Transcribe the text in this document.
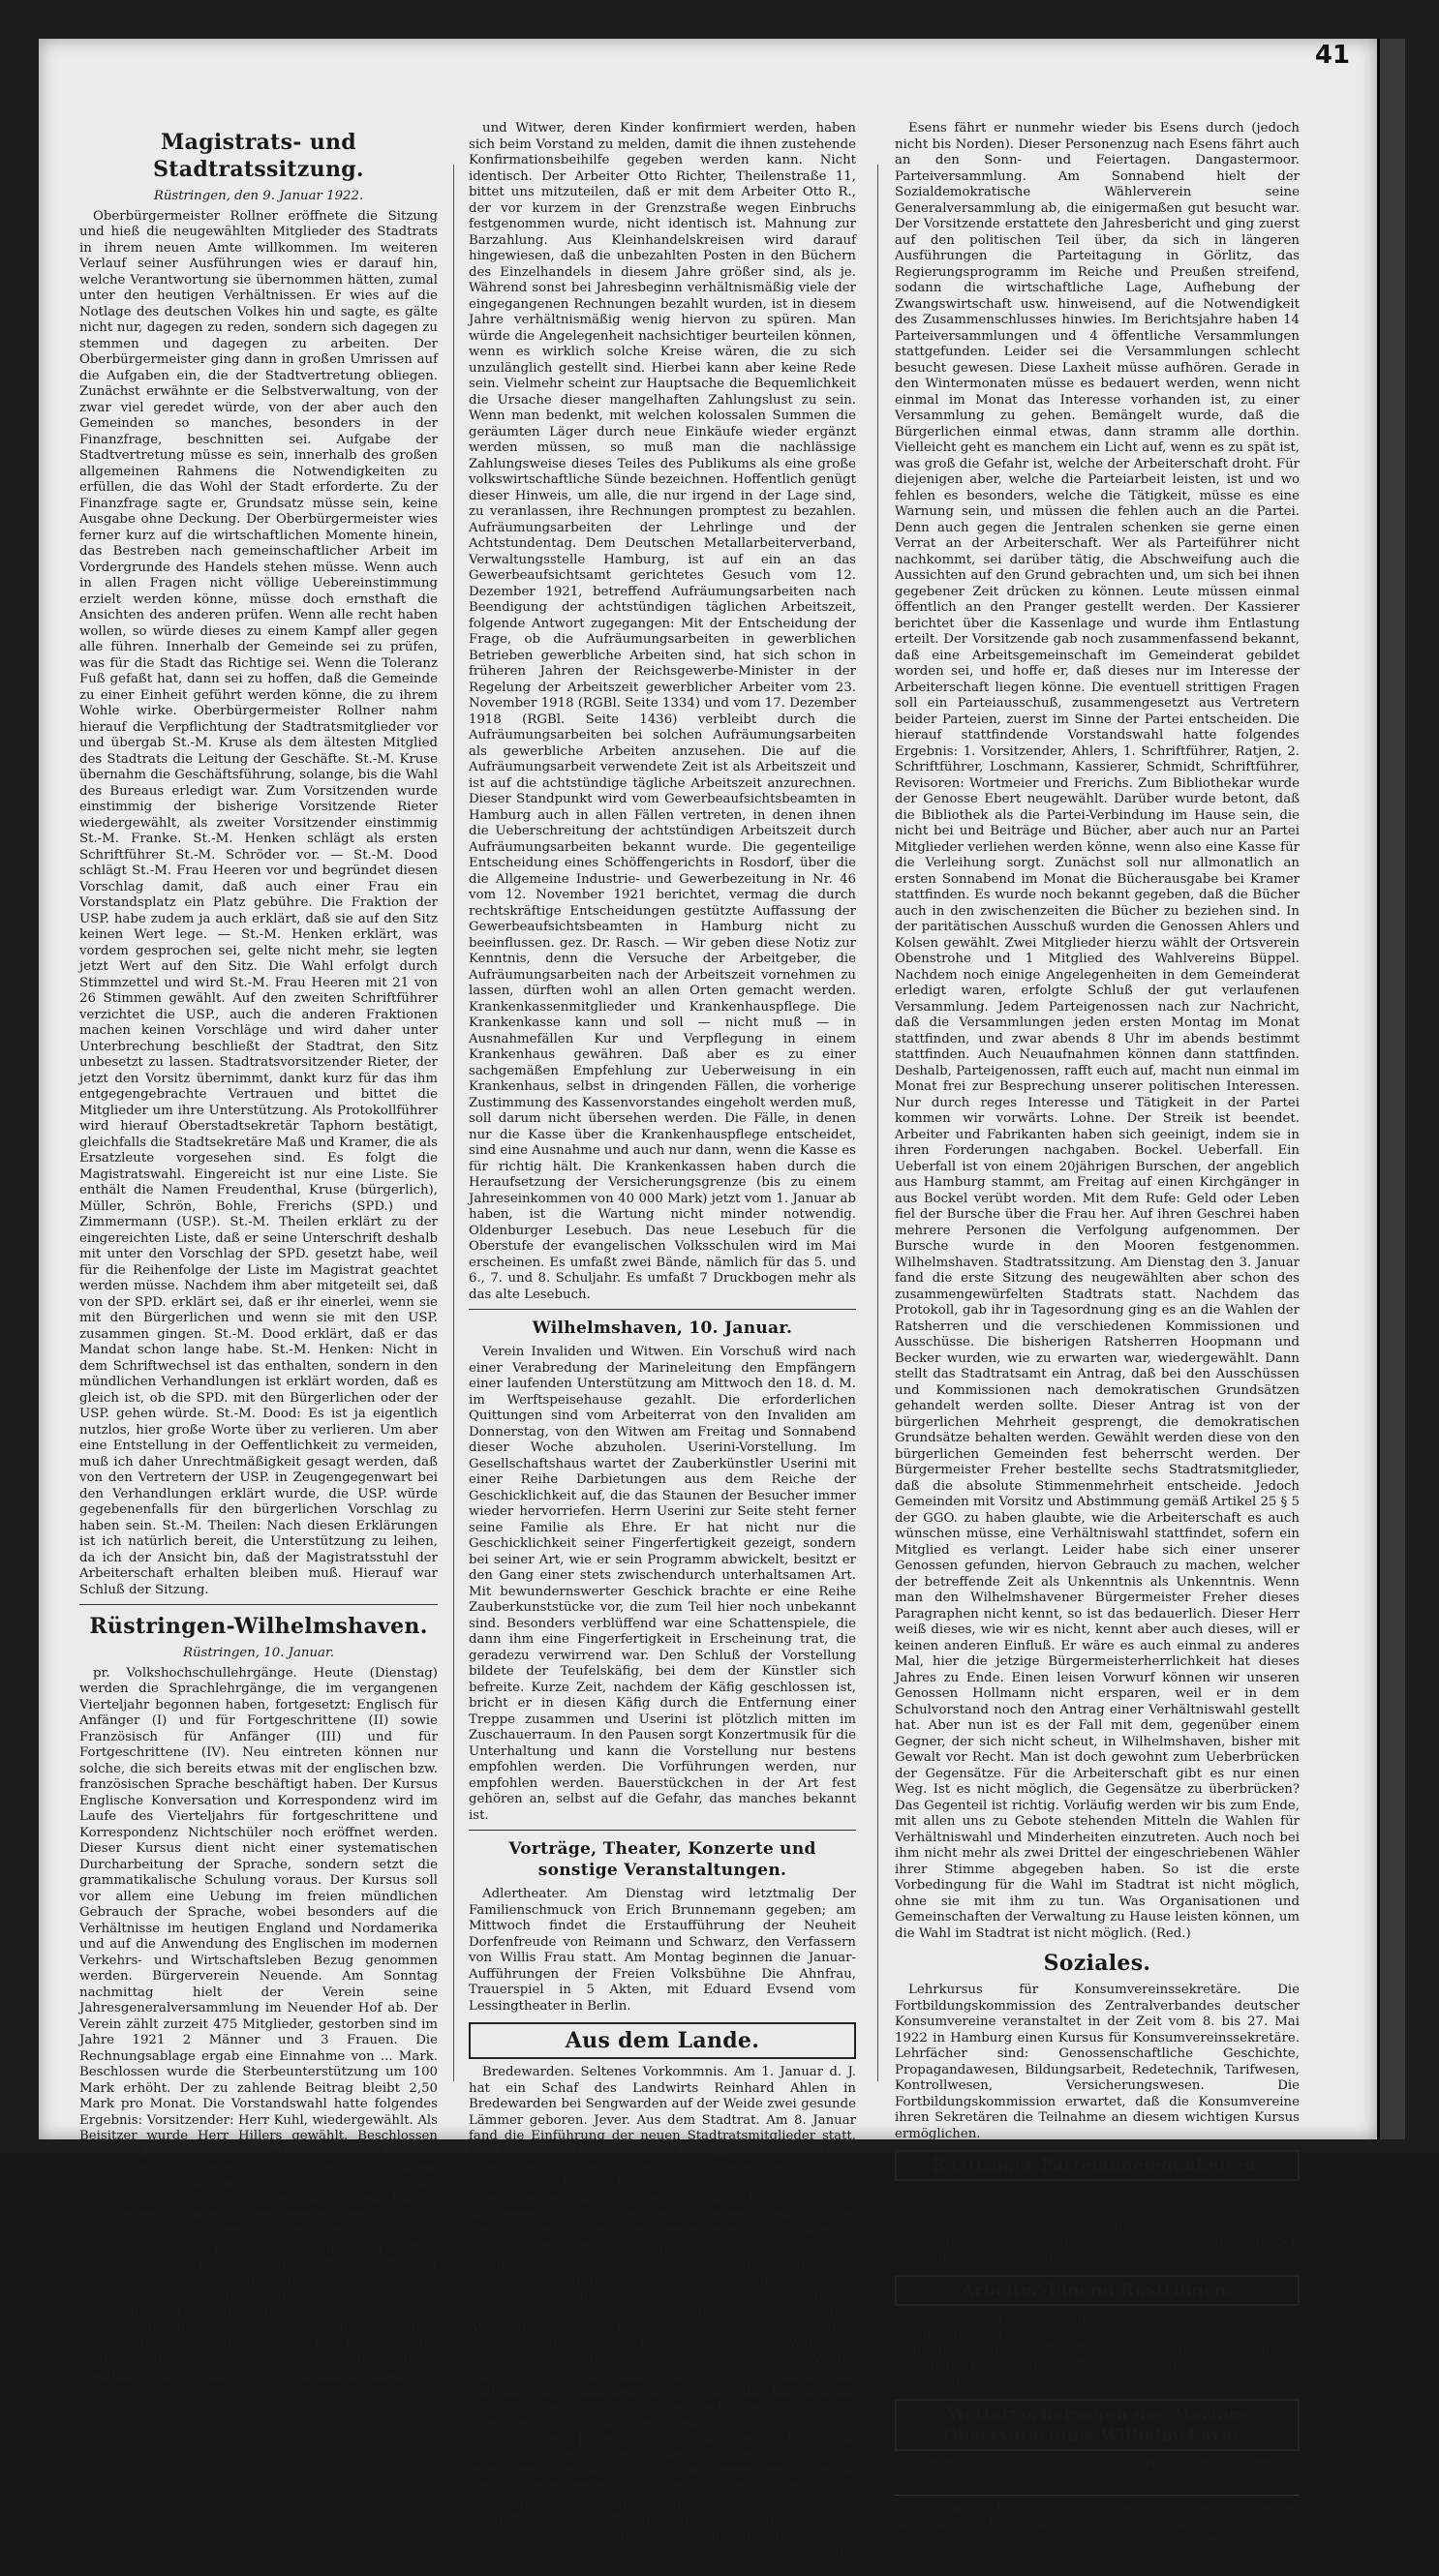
41
Magistrats- und Stadtratssitzung.
Rüstringen, den 9. Januar 1922.
Oberbürgermeister Rollner eröffnete die Sitzung und hieß die neugewählten Mitglieder des Stadtrats in ihrem neuen Amte willkommen. Im weiteren Verlauf seiner Ausführungen wies er darauf hin, welche Verantwortung sie übernommen hätten, zumal unter den heutigen Verhältnissen. Er wies auf die Notlage des deutschen Volkes hin und sagte, es gälte nicht nur, dagegen zu reden, sondern sich dagegen zu stemmen und dagegen zu arbeiten. Der Oberbürgermeister ging dann in großen Umrissen auf die Aufgaben ein, die der Stadtvertretung obliegen. Zunächst erwähnte er die Selbstverwaltung, von der zwar viel geredet würde, von der aber auch den Gemeinden so manches, besonders in der Finanzfrage, beschnitten sei. Aufgabe der Stadtvertretung müsse es sein, innerhalb des großen allgemeinen Rahmens die Notwendigkeiten zu erfüllen, die das Wohl der Stadt erforderte. Zu der Finanzfrage sagte er, Grundsatz müsse sein, keine Ausgabe ohne Deckung. Der Oberbürgermeister wies ferner kurz auf die wirtschaftlichen Momente hinein, das Bestreben nach gemeinschaftlicher Arbeit im Vordergrunde des Handels stehen müsse. Wenn auch in allen Fragen nicht völlige Uebereinstimmung erzielt werden könne, müsse doch ernsthaft die Ansichten des anderen prüfen. Wenn alle recht haben wollen, so würde dieses zu einem Kampf aller gegen alle führen. Innerhalb der Gemeinde sei zu prüfen, was für die Stadt das Richtige sei. Wenn die Toleranz Fuß gefaßt hat, dann sei zu hoffen, daß die Gemeinde zu einer Einheit geführt werden könne, die zu ihrem Wohle wirke. Oberbürgermeister Rollner nahm hierauf die Verpflichtung der Stadtratsmitglieder vor und übergab St.-M. Kruse als dem ältesten Mitglied des Stadtrats die Leitung der Geschäfte. St.-M. Kruse übernahm die Geschäftsführung, solange, bis die Wahl des Bureaus erledigt war. Zum Vorsitzenden wurde einstimmig der bisherige Vorsitzende Rieter wiedergewählt, als zweiter Vorsitzender einstimmig St.-M. Franke. St.-M. Henken schlägt als ersten Schriftführer St.-M. Schröder vor. — St.-M. Dood schlägt St.-M. Frau Heeren vor und begründet diesen Vorschlag damit, daß auch einer Frau ein Vorstandsplatz ein Platz gebühre. Die Fraktion der USP. habe zudem ja auch erklärt, daß sie auf den Sitz keinen Wert lege. — St.-M. Henken erklärt, was vordem gesprochen sei, gelte nicht mehr, sie legten jetzt Wert auf den Sitz. Die Wahl erfolgt durch Stimmzettel und wird St.-M. Frau Heeren mit 21 von 26 Stimmen gewählt. Auf den zweiten Schriftführer verzichtet die USP., auch die anderen Fraktionen machen keinen Vorschläge und wird daher unter Unterbrechung beschließt der Stadtrat, den Sitz unbesetzt zu lassen. Stadtratsvorsitzender Rieter, der jetzt den Vorsitz übernimmt, dankt kurz für das ihm entgegengebrachte Vertrauen und bittet die Mitglieder um ihre Unterstützung. Als Protokollführer wird hierauf Oberstadtsekretär Taphorn bestätigt, gleichfalls die Stadtsekretäre Maß und Kramer, die als Ersatzleute vorgesehen sind. Es folgt die Magistratswahl. Eingereicht ist nur eine Liste. Sie enthält die Namen Freudenthal, Kruse (bürgerlich), Müller, Schrön, Bohle, Frerichs (SPD.) und Zimmermann (USP.). St.-M. Theilen erklärt zu der eingereichten Liste, daß er seine Unterschrift deshalb mit unter den Vorschlag der SPD. gesetzt habe, weil für die Reihenfolge der Liste im Magistrat geachtet werden müsse. Nachdem ihm aber mitgeteilt sei, daß von der SPD. erklärt sei, daß er ihr einerlei, wenn sie mit den Bürgerlichen und wenn sie mit den USP. zusammen gingen. St.-M. Dood erklärt, daß er das Mandat schon lange habe. St.-M. Henken: Nicht in dem Schriftwechsel ist das enthalten, sondern in den mündlichen Verhandlungen ist erklärt worden, daß es gleich ist, ob die SPD. mit den Bürgerlichen oder der USP. gehen würde. St.-M. Dood: Es ist ja eigentlich nutzlos, hier große Worte über zu verlieren. Um aber eine Entstellung in der Oeffentlichkeit zu vermeiden, muß ich daher Unrechtmäßigkeit gesagt werden, daß von den Vertretern der USP. in Zeugengegenwart bei den Verhandlungen erklärt wurde, die USP. würde gegebenenfalls für den bürgerlichen Vorschlag zu haben sein. St.-M. Theilen: Nach diesen Erklärungen ist ich natürlich bereit, die Unterstützung zu leihen, da ich der Ansicht bin, daß der Magistratsstuhl der Arbeiterschaft erhalten bleiben muß. Hierauf war Schluß der Sitzung.
Rüstringen-Wilhelmshaven.
Rüstringen, 10. Januar.
pr. Volkshochschullehrgänge. Heute (Dienstag) werden die Sprachlehrgänge, die im vergangenen Vierteljahr begonnen haben, fortgesetzt: Englisch für Anfänger (I) und für Fortgeschrittene (II) sowie Französisch für Anfänger (III) und für Fortgeschrittene (IV). Neu eintreten können nur solche, die sich bereits etwas mit der englischen bzw. französischen Sprache beschäftigt haben. Der Kursus Englische Konversation und Korrespondenz wird im Laufe des Vierteljahrs für fortgeschrittene und Korrespondenz Nichtschüler noch eröffnet werden. Dieser Kursus dient nicht einer systematischen Durcharbeitung der Sprache, sondern setzt die grammatikalische Schulung voraus. Der Kursus soll vor allem eine Uebung im freien mündlichen Gebrauch der Sprache, wobei besonders auf die Verhältnisse im heutigen England und Nordamerika und auf die Anwendung des Englischen im modernen Verkehrs- und Wirtschaftsleben Bezug genommen werden. Bürgerverein Neuende. Am Sonntag nachmittag hielt der Verein seine Jahresgeneralversammlung im Neuender Hof ab. Der Verein zählt zurzeit 475 Mitglieder, gestorben sind im Jahre 1921 2 Männer und 3 Frauen. Die Rechnungsablage ergab eine Einnahme von ... Mark. Beschlossen wurde die Sterbeunterstützung um 100 Mark erhöht. Der zu zahlende Beitrag bleibt 2,50 Mark pro Monat. Die Vorstandswahl hatte folgendes Ergebnis: Vorsitzender: Herr Kuhl, wiedergewählt. Als Beisitzer wurde Herr Hillers gewählt. Beschlossen wurde: Kinder der Mitglieder gehören bis zum vollendeten 18. Lebensjahre der Unterstützungskasse an. Mitglieder, die über 70 Jahre alt sind, brauchen keinen Beitrag zu zahlen. Ferner wurde beschlossen, zum Tragen bei Beerdigungen werden bezahlt. Zu den Weihnachtsfeiern sollen aus der Kasse 5 Mark für jedes teilnehmende Kind gezahlt werden. Der Beitrag ist zu bezahlen in den Monaten zu entrichten. Wer mit dem Beitrag im Rückstande bleibt, wird den ... Wegen der Weihnachtsfeier im Schulbezirk Neuende soll in einer späteren Versammlung beraten werden. Die Versammlungen finden in den Monaten von Oktober bis März um 8 Uhr und im Oktober bis März um 7 Uhr beginnen. Bekannt gemacht wird, daß die Beiträge ebenfalls an den Kassierer sofort zu zahlen haben.
und Witwer, deren Kinder konfirmiert werden, haben sich beim Vorstand zu melden, damit die ihnen zustehende Konfirmationsbeihilfe gegeben werden kann. Nicht identisch. Der Arbeiter Otto Richter, Theilenstraße 11, bittet uns mitzuteilen, daß er mit dem Arbeiter Otto R., der vor kurzem in der Grenzstraße wegen Einbruchs festgenommen wurde, nicht identisch ist. Mahnung zur Barzahlung. Aus Kleinhandelskreisen wird darauf hingewiesen, daß die unbezahlten Posten in den Büchern des Einzelhandels in diesem Jahre größer sind, als je. Während sonst bei Jahresbeginn verhältnismäßig viele der eingegangenen Rechnungen bezahlt wurden, ist in diesem Jahre verhältnismäßig wenig hiervon zu spüren. Man würde die Angelegenheit nachsichtiger beurteilen können, wenn es wirklich solche Kreise wären, die zu sich unzulänglich gestellt sind. Hierbei kann aber keine Rede sein. Vielmehr scheint zur Hauptsache die Bequemlichkeit die Ursache dieser mangelhaften Zahlungslust zu sein. Wenn man bedenkt, mit welchen kolossalen Summen die geräumten Läger durch neue Einkäufe wieder ergänzt werden müssen, so muß man die nachlässige Zahlungsweise dieses Teiles des Publikums als eine große volkswirtschaftliche Sünde bezeichnen. Hoffentlich genügt dieser Hinweis, um alle, die nur irgend in der Lage sind, zu veranlassen, ihre Rechnungen promptest zu bezahlen. Aufräumungsarbeiten der Lehrlinge und der Achtstundentag. Dem Deutschen Metallarbeiterverband, Verwaltungsstelle Hamburg, ist auf ein an das Gewerbeaufsichtsamt gerichtetes Gesuch vom 12. Dezember 1921, betreffend Aufräumungsarbeiten nach Beendigung der achtstündigen täglichen Arbeitszeit, folgende Antwort zugegangen: Mit der Entscheidung der Frage, ob die Aufräumungsarbeiten in gewerblichen Betrieben gewerbliche Arbeiten sind, hat sich schon in früheren Jahren der Reichsgewerbe-Minister in der Regelung der Arbeitszeit gewerblicher Arbeiter vom 23. November 1918 (RGBl. Seite 1334) und vom 17. Dezember 1918 (RGBl. Seite 1436) verbleibt durch die Aufräumungsarbeiten bei solchen Aufräumungsarbeiten als gewerbliche Arbeiten anzusehen. Die auf die Aufräumungsarbeit verwendete Zeit ist als Arbeitszeit und ist auf die achtstündige tägliche Arbeitszeit anzurechnen. Dieser Standpunkt wird vom Gewerbeaufsichtsbeamten in Hamburg auch in allen Fällen vertreten, in denen ihnen die Ueberschreitung der achtstündigen Arbeitszeit durch Aufräumungsarbeiten bekannt wurde. Die gegenteilige Entscheidung eines Schöffengerichts in Rosdorf, über die die Allgemeine Industrie- und Gewerbezeitung in Nr. 46 vom 12. November 1921 berichtet, vermag die durch rechtskräftige Entscheidungen gestützte Auffassung der Gewerbeaufsichtsbeamten in Hamburg nicht zu beeinflussen. gez. Dr. Rasch. — Wir geben diese Notiz zur Kenntnis, denn die Versuche der Arbeitgeber, die Aufräumungsarbeiten nach der Arbeitszeit vornehmen zu lassen, dürften wohl an allen Orten gemacht werden. Krankenkassenmitglieder und Krankenhauspflege. Die Krankenkasse kann und soll — nicht muß — in Ausnahmefällen Kur und Verpflegung in einem Krankenhaus gewähren. Daß aber es zu einer sachgemäßen Empfehlung zur Ueberweisung in ein Krankenhaus, selbst in dringenden Fällen, die vorherige Zustimmung des Kassenvorstandes eingeholt werden muß, soll darum nicht übersehen werden. Die Fälle, in denen nur die Kasse über die Krankenhauspflege entscheidet, sind eine Ausnahme und auch nur dann, wenn die Kasse es für richtig hält. Die Krankenkassen haben durch die Heraufsetzung der Versicherungsgrenze (bis zu einem Jahreseinkommen von 40 000 Mark) jetzt vom 1. Januar ab haben, ist die Wartung nicht minder notwendig. Oldenburger Lesebuch. Das neue Lesebuch für die Oberstufe der evangelischen Volksschulen wird im Mai erscheinen. Es umfaßt zwei Bände, nämlich für das 5. und 6., 7. und 8. Schuljahr. Es umfaßt 7 Druckbogen mehr als das alte Lesebuch.
Wilhelmshaven, 10. Januar.
Verein Invaliden und Witwen. Ein Vorschuß wird nach einer Verabredung der Marineleitung den Empfängern einer laufenden Unterstützung am Mittwoch den 18. d. M. im Werftspeisehause gezahlt. Die erforderlichen Quittungen sind vom Arbeiterrat von den Invaliden am Donnerstag, von den Witwen am Freitag und Sonnabend dieser Woche abzuholen. Userini-Vorstellung. Im Gesellschaftshaus wartet der Zauberkünstler Userini mit einer Reihe Darbietungen aus dem Reiche der Geschicklichkeit auf, die das Staunen der Besucher immer wieder hervorriefen. Herrn Userini zur Seite steht ferner seine Familie als Ehre. Er hat nicht nur die Geschicklichkeit seiner Fingerfertigkeit gezeigt, sondern bei seiner Art, wie er sein Programm abwickelt, besitzt er den Gang einer stets zwischendurch unterhaltsamen Art. Mit bewundernswerter Geschick brachte er eine Reihe Zauberkunststücke vor, die zum Teil hier noch unbekannt sind. Besonders verblüffend war eine Schattenspiele, die dann ihm eine Fingerfertigkeit in Erscheinung trat, die geradezu verwirrend war. Den Schluß der Vorstellung bildete der Teufelskäfig, bei dem der Künstler sich befreite. Kurze Zeit, nachdem der Käfig geschlossen ist, bricht er in diesen Käfig durch die Entfernung einer Treppe zusammen und Userini ist plötzlich mitten im Zuschauerraum. In den Pausen sorgt Konzertmusik für die Unterhaltung und kann die Vorstellung nur bestens empfohlen werden. Die Vorführungen werden, nur empfohlen werden. Bauerstückchen in der Art fest gehören an, selbst auf die Gefahr, das manches bekannt ist.
Vorträge, Theater, Konzerte und sonstige Veranstaltungen.
Adlertheater. Am Dienstag wird letztmalig Der Familienschmuck von Erich Brunnemann gegeben; am Mittwoch findet die Erstaufführung der Neuheit Dorfenfreude von Reimann und Schwarz, den Verfassern von Willis Frau statt. Am Montag beginnen die Januar-Aufführungen der Freien Volksbühne Die Ahnfrau, Trauerspiel in 5 Akten, mit Eduard Evsend vom Lessingtheater in Berlin.
Aus dem Lande.
Bredewarden. Seltenes Vorkommnis. Am 1. Januar d. J. hat ein Schaf des Landwirts Reinhard Ahlen in Bredewarden bei Sengwarden auf der Weide zwei gesunde Lämmer geboren. Jever. Aus dem Stadtrat. Am 8. Januar fand die Einführung der neuen Stadtratsmitglieder statt. Der Bürgermeister berichtete kurz über die Tätigkeit des alten Stadtrats, worauf es zu den Neuwahlen kam. Es wurden als Beigeordnete gewählt: Stellvertreter des Bürgermeisters wurde Herr Kaufmann Brader und als Stellvertreter Bauunternehmer Carstens gewählt, das Protokoll ist Schiels einstimmig gewählt. Ueberwahl. Diese Stadtratssitzung kennzeichnete sich durch eine phlegmatische Verbindung einzelner Magistratsmitglieder mit anderen Mitgliedern, die keine Auskunft über die Tätigkeit erteilten, zuzuhalten hatten ... Bürgermeister als Vorsitzender des Rates darauf hinweisen, wenn weitere Auskunft zur Sache gefordert werden sollte, daß begonnen werden wolle, in der Einladung von der Wahl des Bürgermeisters ein Einspruch erhoben werde. Weiter wurde eine große Anzahl von Anträgen gestellt, die Auflösung des Rathauses zu erweitern, das Gas und die Beleuchtungen der Stadt sollen nach ihrer Einrichtung, soweit er ihre Ratskollegen zustimmten und es ist die Folge in den Jahren gebracht werden. Ueber diese Einrichtung der weiteren Abstimmungen wurde nach weitschweifigen Debatten die Abstimmung resultatlos. — Der Nachmittagszug nach Esens. Von der Nordenbahn ist, zu, wenn ein Zug 5 Uhr 45 Min. ab Esens sowie der nach Abfahrt des zum Wittmund fahrenden Zuges vom 29. Dezember ab Nordbahnhof zu fahren. Auf Antrag bei der Handelskammer haben sich deswegen Handels- und Gewerbekreise.
Esens fährt er nunmehr wieder bis Esens durch (jedoch nicht bis Norden). Dieser Personenzug nach Esens fährt auch an den Sonn- und Feiertagen. Dangastermoor. Parteiversammlung. Am Sonnabend hielt der Sozialdemokratische Wählerverein seine Generalversammlung ab, die einigermaßen gut besucht war. Der Vorsitzende erstattete den Jahresbericht und ging zuerst auf den politischen Teil über, da sich in längeren Ausführungen die Parteitagung in Görlitz, das Regierungsprogramm im Reiche und Preußen streifend, sodann die wirtschaftliche Lage, Aufhebung der Zwangswirtschaft usw. hinweisend, auf die Notwendigkeit des Zusammenschlusses hinwies. Im Berichtsjahre haben 14 Parteiversammlungen und 4 öffentliche Versammlungen stattgefunden. Leider sei die Versammlungen schlecht besucht gewesen. Diese Laxheit müsse aufhören. Gerade in den Wintermonaten müsse es bedauert werden, wenn nicht einmal im Monat das Interesse vorhanden ist, zu einer Versammlung zu gehen. Bemängelt wurde, daß die Bürgerlichen einmal etwas, dann stramm alle dorthin. Vielleicht geht es manchem ein Licht auf, wenn es zu spät ist, was groß die Gefahr ist, welche der Arbeiterschaft droht. Für diejenigen aber, welche die Parteiarbeit leisten, ist und wo fehlen es besonders, welche die Tätigkeit, müsse es eine Warnung sein, und müssen die fehlen auch an die Partei. Denn auch gegen die Jentralen schenken sie gerne einen Verrat an der Arbeiterschaft. Wer als Parteiführer nicht nachkommt, sei darüber tätig, die Abschweifung auch die Aussichten auf den Grund gebrachten und, um sich bei ihnen gegebener Zeit drücken zu können. Leute müssen einmal öffentlich an den Pranger gestellt werden. Der Kassierer berichtet über die Kassenlage und wurde ihm Entlastung erteilt. Der Vorsitzende gab noch zusammenfassend bekannt, daß eine Arbeitsgemeinschaft im Gemeinderat gebildet worden sei, und hoffe er, daß dieses nur im Interesse der Arbeiterschaft liegen könne. Die eventuell strittigen Fragen soll ein Parteiausschuß, zusammengesetzt aus Vertretern beider Parteien, zuerst im Sinne der Partei entscheiden. Die hierauf stattfindende Vorstandswahl hatte folgendes Ergebnis: 1. Vorsitzender, Ahlers, 1. Schriftführer, Ratjen, 2. Schriftführer, Loschmann, Kassierer, Schmidt, Schriftführer, Revisoren: Wortmeier und Frerichs. Zum Bibliothekar wurde der Genosse Ebert neugewählt. Darüber wurde betont, daß die Bibliothek als die Partei-Verbindung im Hause sein, die nicht bei und Beiträge und Bücher, aber auch nur an Partei Mitglieder verliehen werden könne, wenn also eine Kasse für die Verleihung sorgt. Zunächst soll nur allmonatlich an ersten Sonnabend im Monat die Bücherausgabe bei Kramer stattfinden. Es wurde noch bekannt gegeben, daß die Bücher auch in den zwischenzeiten die Bücher zu beziehen sind. In der paritätischen Ausschuß wurden die Genossen Ahlers und Kolsen gewählt. Zwei Mitglieder hierzu wählt der Ortsverein Obenstrohe und 1 Mitglied des Wahlvereins Büppel. Nachdem noch einige Angelegenheiten in dem Gemeinderat erledigt waren, erfolgte Schluß der gut verlaufenen Versammlung. Jedem Parteigenossen nach zur Nachricht, daß die Versammlungen jeden ersten Montag im Monat stattfinden, und zwar abends 8 Uhr im abends bestimmt stattfinden. Auch Neuaufnahmen können dann stattfinden. Deshalb, Parteigenossen, rafft euch auf, macht nun einmal im Monat frei zur Besprechung unserer politischen Interessen. Nur durch reges Interesse und Tätigkeit in der Partei kommen wir vorwärts. Lohne. Der Streik ist beendet. Arbeiter und Fabrikanten haben sich geeinigt, indem sie in ihren Forderungen nachgaben. Bockel. Ueberfall. Ein Ueberfall ist von einem 20jährigen Burschen, der angeblich aus Hamburg stammt, am Freitag auf einen Kirchgänger in aus Bockel verübt worden. Mit dem Rufe: Geld oder Leben fiel der Bursche über die Frau her. Auf ihren Geschrei haben mehrere Personen die Verfolgung aufgenommen. Der Bursche wurde in den Mooren festgenommen. Wilhelmshaven. Stadtratssitzung. Am Dienstag den 3. Januar fand die erste Sitzung des neugewählten aber schon des zusammengewürfelten Stadtrats statt. Nachdem das Protokoll, gab ihr in Tagesordnung ging es an die Wahlen der Ratsherren und die verschiedenen Kommissionen und Ausschüsse. Die bisherigen Ratsherren Hoopmann und Becker wurden, wie zu erwarten war, wiedergewählt. Dann stellt das Stadtratsamt ein Antrag, daß bei den Ausschüssen und Kommissionen nach demokratischen Grundsätzen gehandelt werden sollte. Dieser Antrag ist von der bürgerlichen Mehrheit gesprengt, die demokratischen Grundsätze behalten werden. Gewählt werden diese von den bürgerlichen Gemeinden fest beherrscht werden. Der Bürgermeister Freher bestellte sechs Stadtratsmitglieder, daß die absolute Stimmenmehrheit entscheide. Jedoch Gemeinden mit Vorsitz und Abstimmung gemäß Artikel 25 § 5 der GGO. zu haben glaubte, wie die Arbeiterschaft es auch wünschen müsse, eine Verhältniswahl stattfindet, sofern ein Mitglied es verlangt. Leider habe sich einer unserer Genossen gefunden, hiervon Gebrauch zu machen, welcher der betreffende Zeit als Unkenntnis als Unkenntnis. Wenn man den Wilhelmshavener Bürgermeister Freher dieses Paragraphen nicht kennt, so ist das bedauerlich. Dieser Herr weiß dieses, wie wir es nicht, kennt aber auch dieses, will er keinen anderen Einfluß. Er wäre es auch einmal zu anderes Mal, hier die jetzige Bürgermeisterherrlichkeit hat dieses Jahres zu Ende. Einen leisen Vorwurf können wir unseren Genossen Hollmann nicht ersparen, weil er in dem Schulvorstand noch den Antrag einer Verhältniswahl gestellt hat. Aber nun ist es der Fall mit dem, gegenüber einem Gegner, der sich nicht scheut, in Wilhelmshaven, bisher mit Gewalt vor Recht. Man ist doch gewohnt zum Ueberbrücken der Gegensätze. Für die Arbeiterschaft gibt es nur einen Weg. Ist es nicht möglich, die Gegensätze zu überbrücken? Das Gegenteil ist richtig. Vorläufig werden wir bis zum Ende, mit allen uns zu Gebote stehenden Mitteln die Wahlen für Verhältniswahl und Minderheiten einzutreten. Auch noch bei ihm nicht mehr als zwei Drittel der eingeschriebenen Wähler ihrer Stimme abgegeben haben. So ist die erste Vorbedingung für die Wahl im Stadtrat ist nicht möglich, ohne sie mit ihm zu tun. Was Organisationen und Gemeinschaften der Verwaltung zu Hause leisten können, um die Wahl im Stadtrat ist nicht möglich. (Red.)
Soziales.
Lehrkursus für Konsumvereinssekretäre. Die Fortbildungskommission des Zentralverbandes deutscher Konsumvereine veranstaltet in der Zeit vom 8. bis 27. Mai 1922 in Hamburg einen Kursus für Konsumvereinssekretäre. Lehrfächer sind: Genossenschaftliche Geschichte, Propagandawesen, Bildungsarbeit, Redetechnik, Tarifwesen, Kontrollwesen, Versicherungswesen. Die Fortbildungskommission erwartet, daß die Konsumvereine ihren Sekretären die Teilnahme an diesem wichtigen Kursus ermöglichen.
Rüstringer Parteiangelegenheiten.
St.-M. Donnerstag abend 8 Uhr: Sitzung im Parteisekretariat. Die Kassierer, welche sich noch nicht mit den neuen Beitragsmarken versehen haben, werden ersucht, dieses umgehend nachzuholen (wenn möglich am Mittwoch nachmittag) in Empfang zu nehmen.
Arbeiter-Jugend Rüstringen.
Heute abend 8 Uhr im Parteibureau: Uebung der Musikgruppe. Morgen abend pünktlich 8 Uhr im Jugendheim: Generalversammlung. Das Erscheinen sämtlicher Mitglieder ist Pflicht. Freitag abend: Zusammenkunft der Tanzgruppe. Der Vorstand.
Wettervorhersagen des Marine-Observatoriums Wilhelmshaven.
Morgen mäßige Winde aus nordwestlichen Richtungen, wechselnde Bewölkung, kühler.
Verantwortlich für Politik, Feuilleton und den allgemeinen Teil: Josef Kliche, für Aus Stadt und Land: Karl Schab. Verlag Paul Hug; Druck Paul Hug u. Co., sämtl. in Rüstringen.
